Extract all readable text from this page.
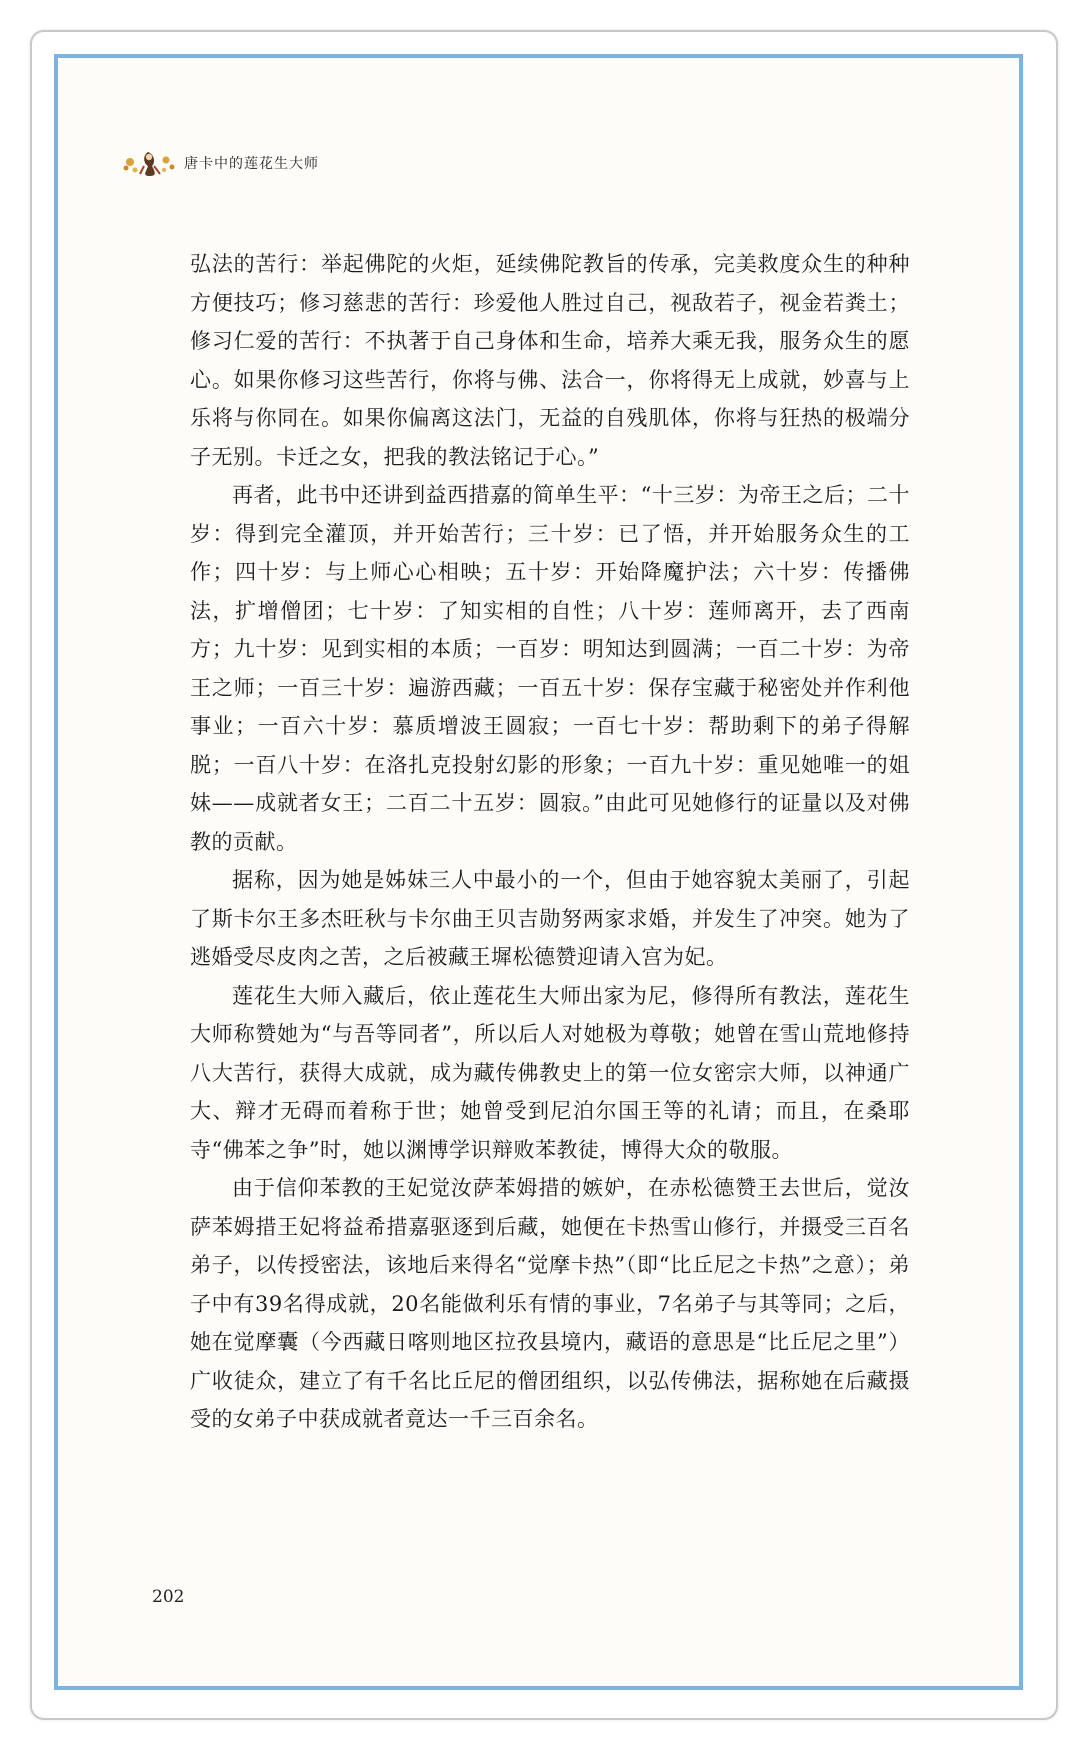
唐卡中的莲花生大师

弘法的苦行：举起佛陀的火炬，延续佛陀教旨的传承，完美救度众生的种种方便技巧；修习慈悲的苦行：珍爱他人胜过自己，视敌若子，视金若粪土；修习仁爱的苦行：不执著于自己身体和生命，培养大乘无我，服务众生的愿心。如果你修习这些苦行，你将与佛、法合一，你将得无上成就，妙喜与上乐将与你同在。如果你偏离这法门，无益的自残肌体，你将与狂热的极端分子无别。卡迁之女，把我的教法铭记于心。”

再者，此书中还讲到益西措嘉的简单生平：“十三岁：为帝王之后；二十岁：得到完全灌顶，并开始苦行；三十岁：已了悟，并开始服务众生的工作；四十岁：与上师心心相映；五十岁：开始降魔护法；六十岁：传播佛法，扩增僧团；七十岁：了知实相的自性；八十岁：莲师离开，去了西南方；九十岁：见到实相的本质；一百岁：明知达到圆满；一百二十岁：为帝王之师；一百三十岁：遍游西藏；一百五十岁：保存宝藏于秘密处并作利他事业；一百六十岁：慕质增波王圆寂；一百七十岁：帮助剩下的弟子得解脱；一百八十岁：在洛扎克投射幻影的形象；一百九十岁：重见她唯一的姐妹——成就者女王；二百二十五岁：圆寂。”由此可见她修行的证量以及对佛教的贡献。

据称，因为她是姊妹三人中最小的一个，但由于她容貌太美丽了，引起了斯卡尔王多杰旺秋与卡尔曲王贝吉勋努两家求婚，并发生了冲突。她为了逃婚受尽皮肉之苦，之后被藏王墀松德赞迎请入宫为妃。

莲花生大师入藏后，依止莲花生大师出家为尼，修得所有教法，莲花生大师称赞她为“与吾等同者”，所以后人对她极为尊敬；她曾在雪山荒地修持八大苦行，获得大成就，成为藏传佛教史上的第一位女密宗大师，以神通广大、辩才无碍而着称于世；她曾受到尼泊尔国王等的礼请；而且，在桑耶寺“佛苯之争”时，她以渊博学识辩败苯教徒，博得大众的敬服。

由于信仰苯教的王妃觉汝萨苯姆措的嫉妒，在赤松德赞王去世后，觉汝萨苯姆措王妃将益希措嘉驱逐到后藏，她便在卡热雪山修行，并摄受三百名弟子，以传授密法，该地后来得名“觉摩卡热”（即“比丘尼之卡热”之意）；弟子中有39名得成就，20名能做利乐有情的事业，7名弟子与其等同；之后，她在觉摩囊（今西藏日喀则地区拉孜县境内，藏语的意思是“比丘尼之里”）广收徒众，建立了有千名比丘尼的僧团组织，以弘传佛法，据称她在后藏摄受的女弟子中获成就者竟达一千三百余名。

202
